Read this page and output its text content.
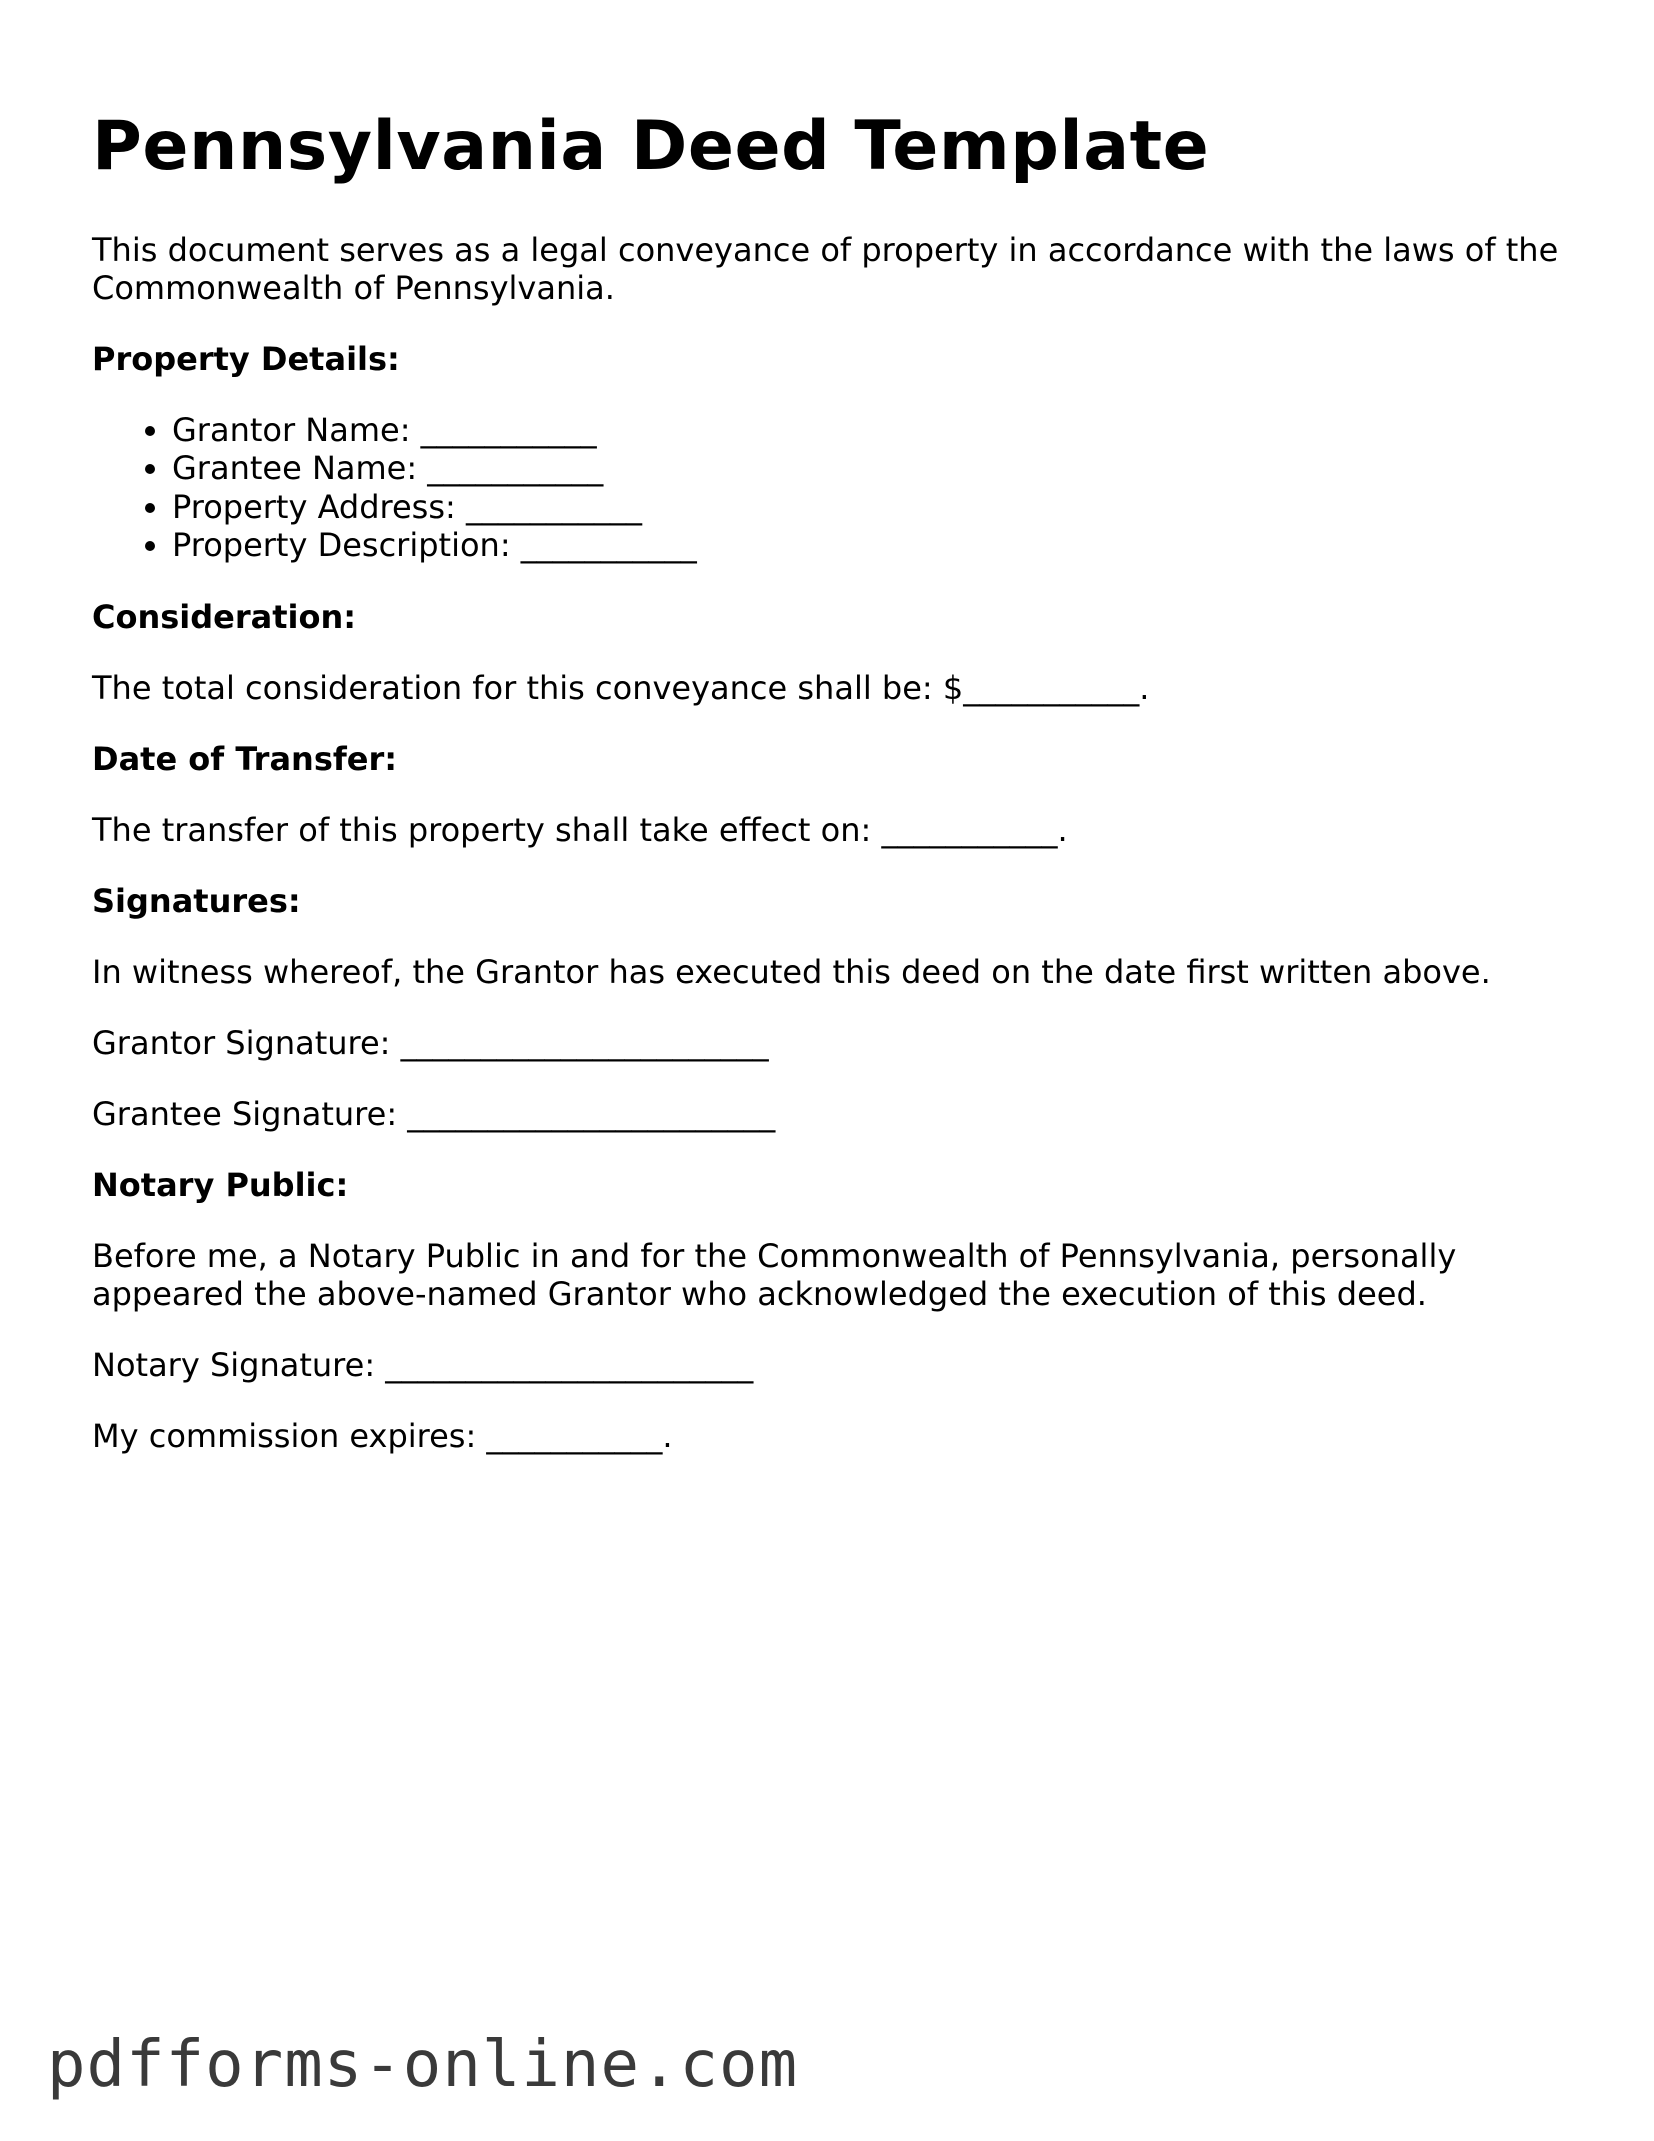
Pennsylvania Deed Template

This document serves as a legal conveyance of property in accordance with the laws of the Commonwealth of Pennsylvania.

Property Details:
• Grantor Name: ___________
• Grantee Name: ___________
• Property Address: ___________
• Property Description: ___________
Consideration:

The total consideration for this conveyance shall be: $___________.

Date of Transfer:

The transfer of this property shall take effect on: ___________.

Signatures:

In witness whereof, the Grantor has executed this deed on the date first written above.

Grantor Signature: _______________________

Grantee Signature: _______________________

Notary Public:

Before me, a Notary Public in and for the Commonwealth of Pennsylvania, personally appeared the above-named Grantor who acknowledged the execution of this deed.

Notary Signature: _______________________

My commission expires: ___________.

pdfforms-online.com
